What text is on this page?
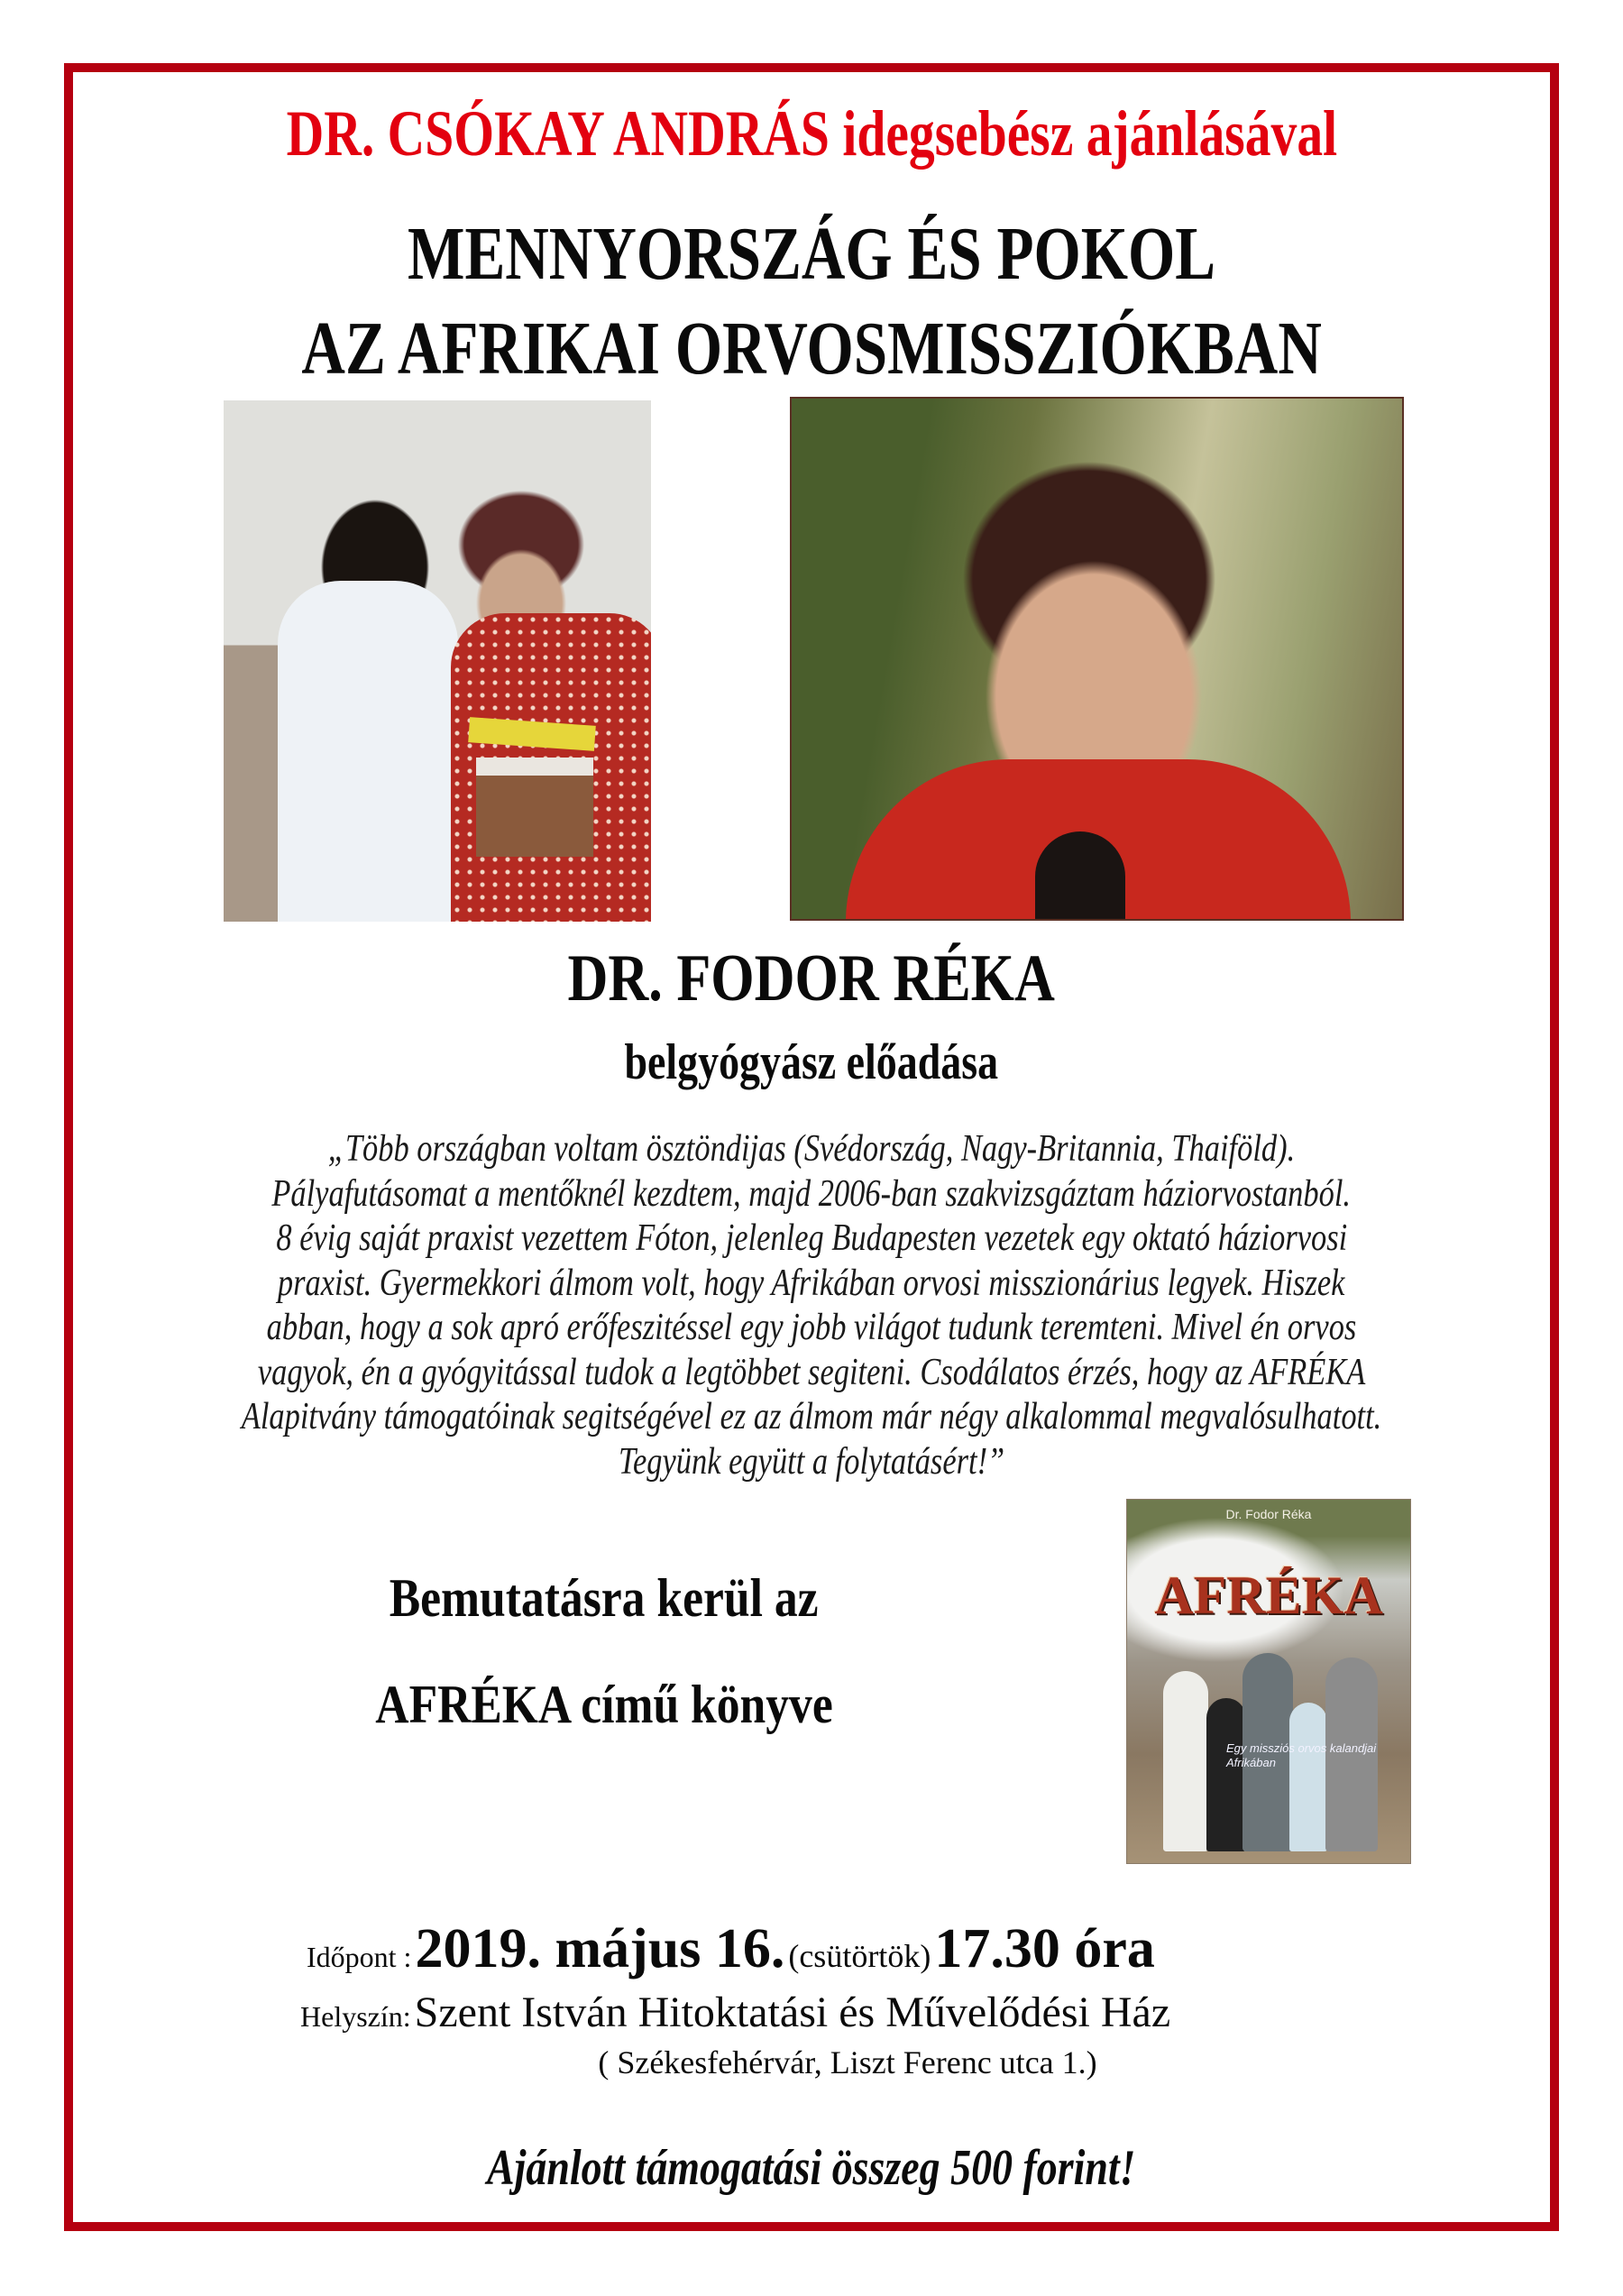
DR. CSÓKAY ANDRÁS idegsebész ajánlásával
MENNYORSZÁG ÉS POKOL
AZ AFRIKAI ORVOSMISSZIÓKBAN
DR. FODOR RÉKA
belgyógyász előadása
„Több országban voltam ösztöndijas (Svédország, Nagy-Britannia, Thaiföld).
Pályafutásomat a mentőknél kezdtem, majd 2006-ban szakvizsgáztam háziorvostanból.
8 évig saját praxist vezettem Fóton, jelenleg Budapesten vezetek egy oktató háziorvosi
praxist. Gyermekkori álmom volt, hogy Afrikában orvosi misszionárius legyek. Hiszek
abban, hogy a sok apró erőfeszitéssel egy jobb világot tudunk teremteni. Mivel én orvos
vagyok, én a gyógyitással tudok a legtöbbet segiteni. Csodálatos érzés, hogy az AFRÉKA
Alapitvány támogatóinak segitségével ez az álmom már négy alkalommal megvalósulhatott.
Tegyünk együtt a folytatásért!”
Bemutatásra kerül az
AFRÉKA című könyve
Dr. Fodor Réka
AFRÉKA
Egy missziós orvos kalandjai Afrikában
Időpont : 2019. május 16. (csütörtök) 17.30 óra
Helyszín: Szent István Hitoktatási és Művelődési Ház
( Székesfehérvár, Liszt Ferenc utca 1.)
Ajánlott támogatási összeg 500 forint!
